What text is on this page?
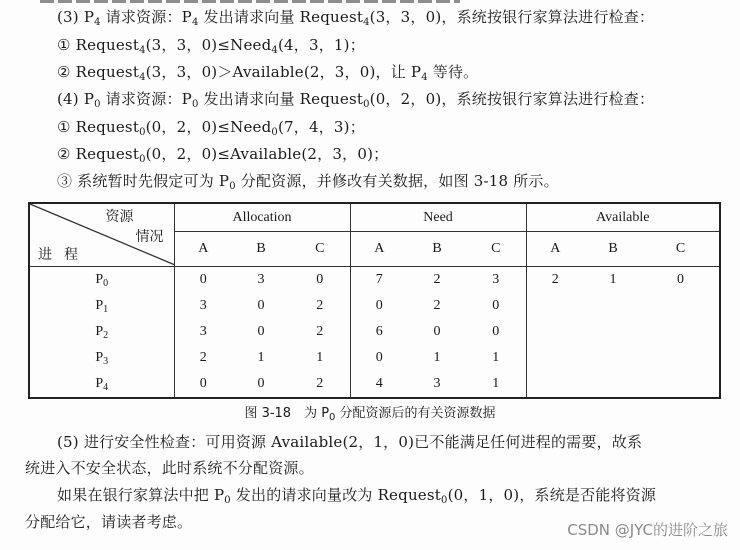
(3) $P_4$ 请求资源：$P_4$ 发出请求向量 Request$_4$(3，3，0)，系统按银行家算法进行检查：
① Request$_4$(3，3，0)≤Need$_4$(4，3，1)；
② Request$_4$(3，3，0)＞Available(2，3，0)，让 $P_4$ 等待。
(4) $P_0$ 请求资源：$P_0$ 发出请求向量 Request$_0$(0，2，0)，系统按银行家算法进行检查：
① Request$_0$(0，2，0)≤Need$_0$(7，4，3)；
② Request$_0$(0，2，0)≤Available(2，3，0)；
③ 系统暂时先假定可为 $P_0$ 分配资源，并修改有关数据，如图 3-18 所示。
资源
情况
进程	Allocation			Need			Available		
	A	B	C	A	B	C	A	B	C
$P_0$	0	3	0	7	2	3	2	1	0
$P_1$	3	0	2	0	2	0			
$P_2$	3	0	2	6	0	0			
$P_3$	2	1	1	0	1	1			
$P_4$	0	0	2	4	3	1			
图 3-18　为 $P_0$ 分配资源后的有关资源数据
(5) 进行安全性检查：可用资源 Available(2，1，0)已不能满足任何进程的需要，故系
统进入不安全状态，此时系统不分配资源。
如果在银行家算法中把 $P_0$ 发出的请求向量改为 Request$_0$(0，1，0)，系统是否能将资源
分配给它，请读者考虑。	CSDN @JYC的进阶之旅
